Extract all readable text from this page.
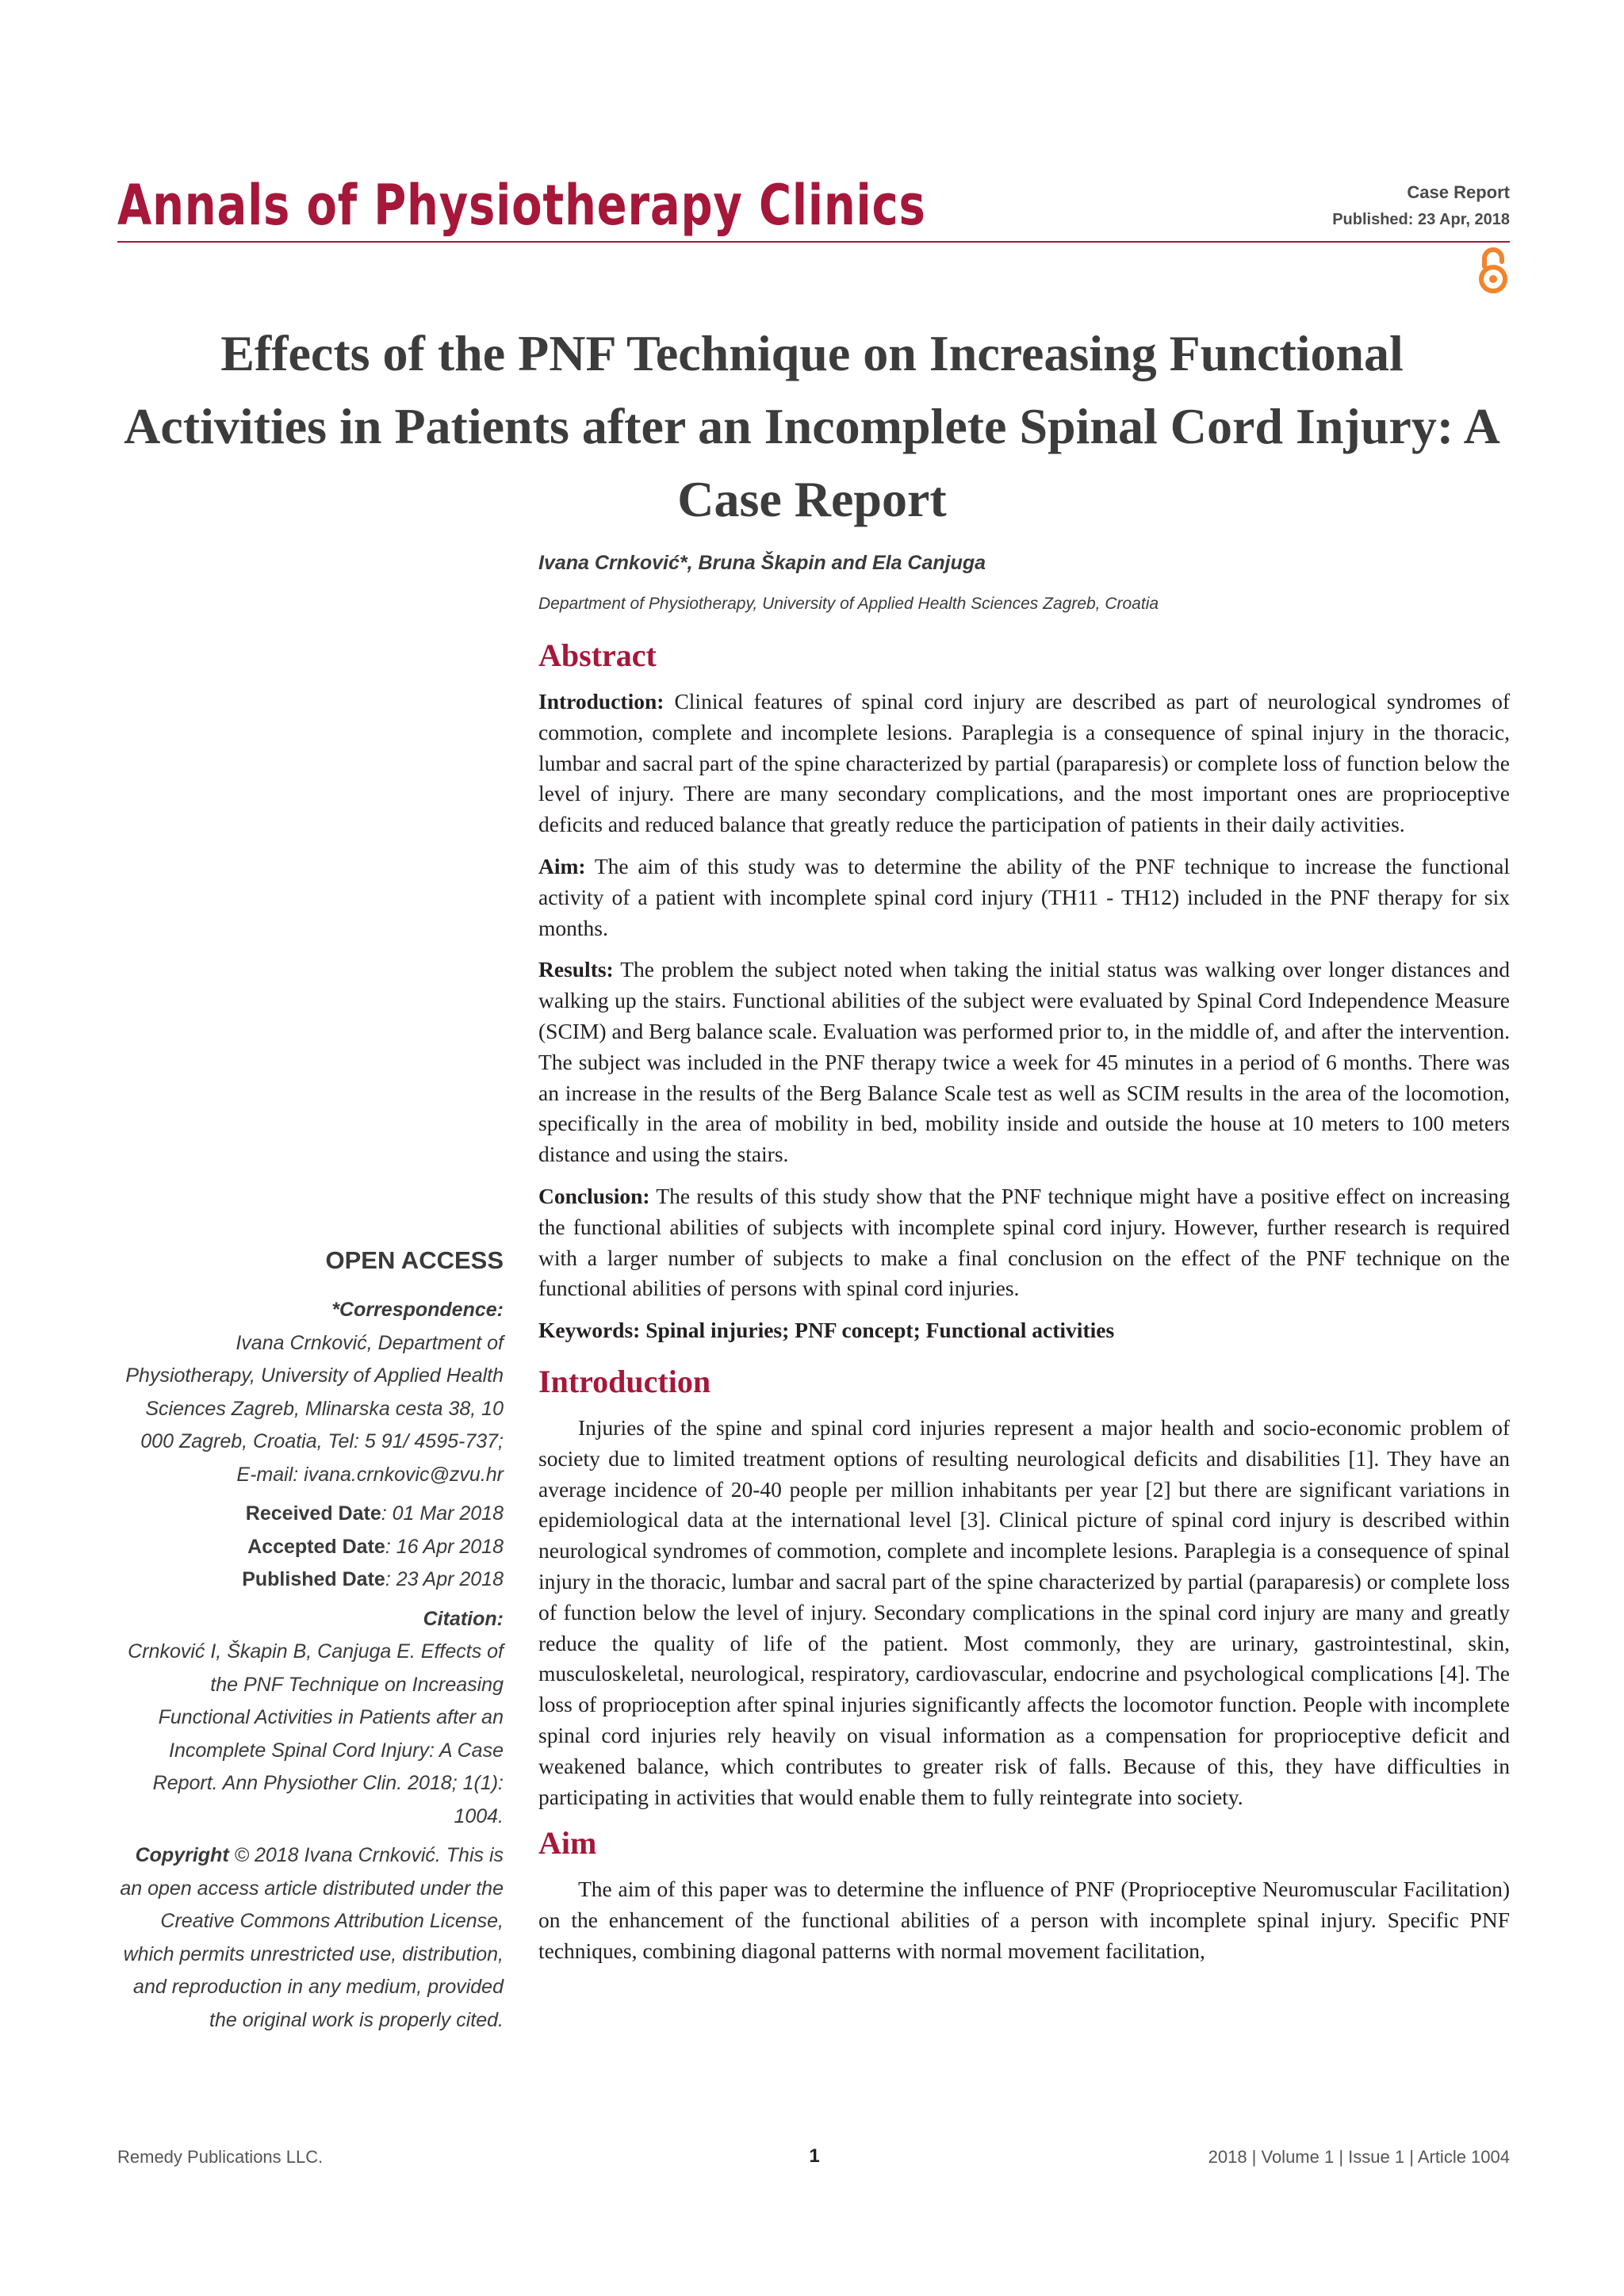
Annals of Physiotherapy Clinics	Case Report
Published: 23 Apr, 2018
Effects of the PNF Technique on Increasing Functional Activities in Patients after an Incomplete Spinal Cord Injury: A Case Report
Ivana Crnković*, Bruna Škapin and Ela Canjuga
Department of Physiotherapy, University of Applied Health Sciences Zagreb, Croatia
Abstract

Introduction: Clinical features of spinal cord injury are described as part of neurological syndromes of commotion, complete and incomplete lesions. Paraplegia is a consequence of spinal injury in the thoracic, lumbar and sacral part of the spine characterized by partial (paraparesis) or complete loss of function below the level of injury. There are many secondary complications, and the most important ones are proprioceptive deficits and reduced balance that greatly reduce the participation of patients in their daily activities.

Aim: The aim of this study was to determine the ability of the PNF technique to increase the functional activity of a patient with incomplete spinal cord injury (TH11 - TH12) included in the PNF therapy for six months.

Results: The problem the subject noted when taking the initial status was walking over longer distances and walking up the stairs. Functional abilities of the subject were evaluated by Spinal Cord Independence Measure (SCIM) and Berg balance scale. Evaluation was performed prior to, in the middle of, and after the intervention. The subject was included in the PNF therapy twice a week for 45 minutes in a period of 6 months. There was an increase in the results of the Berg Balance Scale test as well as SCIM results in the area of the locomotion, specifically in the area of mobility in bed, mobility inside and outside the house at 10 meters to 100 meters distance and using the stairs.

Conclusion: The results of this study show that the PNF technique might have a positive effect on increasing the functional abilities of subjects with incomplete spinal cord injury. However, further research is required with a larger number of subjects to make a final conclusion on the effect of the PNF technique on the functional abilities of persons with spinal cord injuries.

Keywords: Spinal injuries; PNF concept; Functional activities

Introduction

Injuries of the spine and spinal cord injuries represent a major health and socio-economic problem of society due to limited treatment options of resulting neurological deficits and disabilities [1]. They have an average incidence of 20-40 people per million inhabitants per year [2] but there are significant variations in epidemiological data at the international level [3]. Clinical picture of spinal cord injury is described within neurological syndromes of commotion, complete and incomplete lesions. Paraplegia is a consequence of spinal injury in the thoracic, lumbar and sacral part of the spine characterized by partial (paraparesis) or complete loss of function below the level of injury. Secondary complications in the spinal cord injury are many and greatly reduce the quality of life of the patient. Most commonly, they are urinary, gastrointestinal, skin, musculoskeletal, neurological, respiratory, cardiovascular, endocrine and psychological complications [4]. The loss of proprioception after spinal injuries significantly affects the locomotor function. People with incomplete spinal cord injuries rely heavily on visual information as a compensation for proprioceptive deficit and weakened balance, which contributes to greater risk of falls. Because of this, they have difficulties in participating in activities that would enable them to fully reintegrate into society.

Aim

The aim of this paper was to determine the influence of PNF (Proprioceptive Neuromuscular Facilitation) on the enhancement of the functional abilities of a person with incomplete spinal injury. Specific PNF techniques, combining diagonal patterns with normal movement facilitation,

OPEN ACCESS
*Correspondence:
Ivana Crnković, Department of Physiotherapy, University of Applied Health Sciences Zagreb, Mlinarska cesta 38, 10 000 Zagreb, Croatia, Tel: 5 91/ 4595-737;
E-mail: ivana.crnkovic@zvu.hr
Received Date: 01 Mar 2018
Accepted Date: 16 Apr 2018
Published Date: 23 Apr 2018
Citation:
Crnković I, Škapin B, Canjuga E. Effects of the PNF Technique on Increasing Functional Activities in Patients after an Incomplete Spinal Cord Injury: A Case Report. Ann Physiother Clin. 2018; 1(1): 1004.
Copyright © 2018 Ivana Crnković. This is an open access article distributed under the Creative Commons Attribution License, which permits unrestricted use, distribution, and reproduction in any medium, provided the original work is properly cited.
Remedy Publications LLC.	1	2018 | Volume 1 | Issue 1 | Article 1004
